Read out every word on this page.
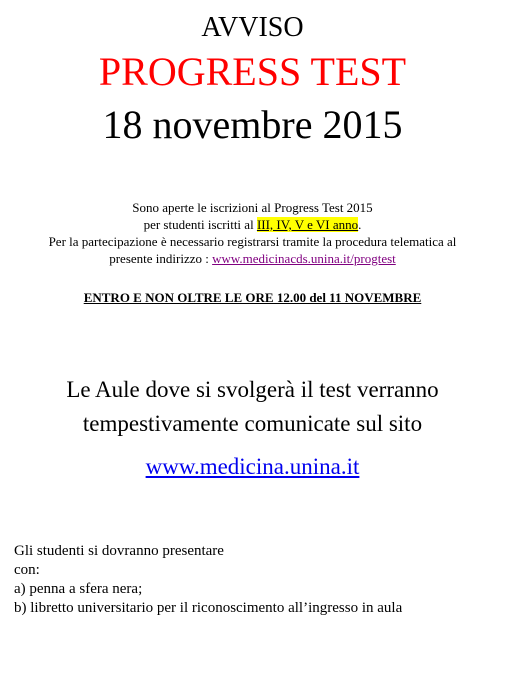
AVVISO
PROGRESS TEST
18 novembre 2015
Sono aperte le iscrizioni al Progress Test 2015
per studenti iscritti al III, IV, V e VI anno.
Per la partecipazione è necessario registrarsi tramite la procedura telematica al
presente indirizzo : www.medicinacds.unina.it/progtest
ENTRO E NON OLTRE LE ORE 12.00 del 11 NOVEMBRE
Le Aule dove si svolgerà il test verranno
tempestivamente comunicate sul sito
www.medicina.unina.it
Gli studenti si dovranno presentare
con:
a) penna a sfera nera;
b) libretto universitario per il riconoscimento all’ingresso in aula
